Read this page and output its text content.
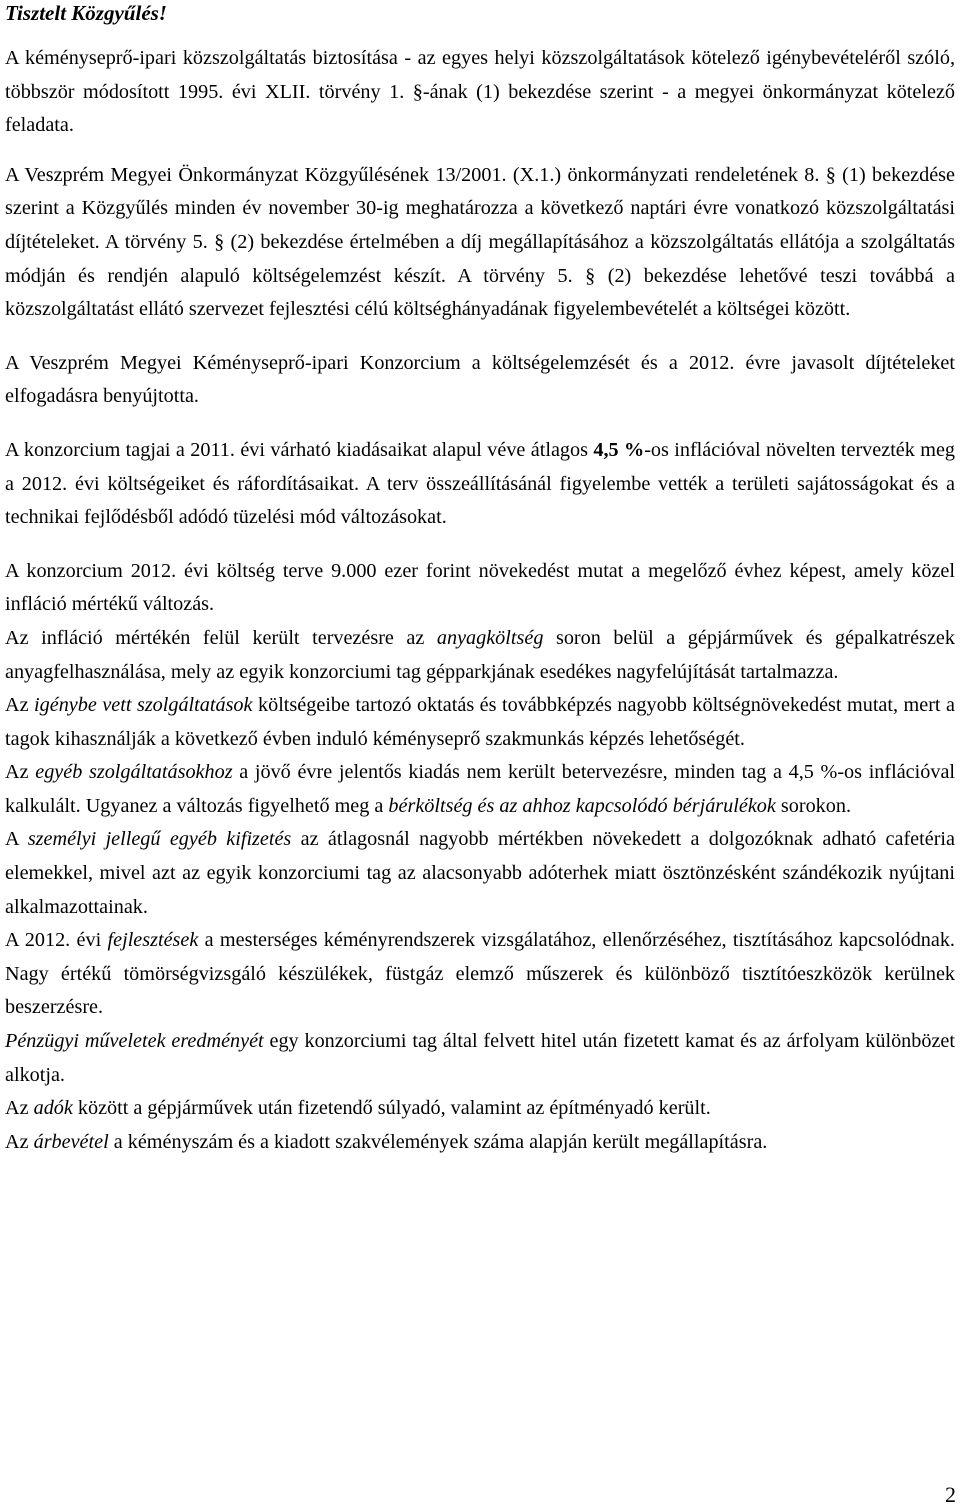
Tisztelt Közgyűlés!

A kéményseprő-ipari közszolgáltatás biztosítása - az egyes helyi közszolgáltatások kötelező igénybevételéről szóló, többször módosított 1995. évi XLII. törvény 1. §-ának (1) bekezdése szerint - a megyei önkormányzat kötelező feladata.

A Veszprém Megyei Önkormányzat Közgyűlésének 13/2001. (X.1.) önkormányzati rendeletének 8. § (1) bekezdése szerint a Közgyűlés minden év november 30-ig meghatározza a következő naptári évre vonatkozó közszolgáltatási díjtételeket. A törvény 5. § (2) bekezdése értelmében a díj megállapításához a közszolgáltatás ellátója a szolgáltatás módján és rendjén alapuló költségelemzést készít. A törvény 5. § (2) bekezdése lehetővé teszi továbbá a közszolgáltatást ellátó szervezet fejlesztési célú költséghányadának figyelembevételét a költségei között.

A Veszprém Megyei Kéményseprő-ipari Konzorcium a költségelemzését és a 2012. évre javasolt díjtételeket elfogadásra benyújtotta.

A konzorcium tagjai a 2011. évi várható kiadásaikat alapul véve átlagos 4,5 %-os inflációval növelten tervezték meg a 2012. évi költségeiket és ráfordításaikat. A terv összeállításánál figyelembe vették a területi sajátosságokat és a technikai fejlődésből adódó tüzelési mód változásokat.

A konzorcium 2012. évi költség terve 9.000 ezer forint növekedést mutat a megelőző évhez képest, amely közel infláció mértékű változás.

Az infláció mértékén felül került tervezésre az anyagköltség soron belül a gépjárművek és gépalkatrészek anyagfelhasználása, mely az egyik konzorciumi tag gépparkjának esedékes nagyfelújítását tartalmazza.

Az igénybe vett szolgáltatások költségeibe tartozó oktatás és továbbképzés nagyobb költségnövekedést mutat, mert a tagok kihasználják a következő évben induló kéményseprő szakmunkás képzés lehetőségét.

Az egyéb szolgáltatásokhoz a jövő évre jelentős kiadás nem került betervezésre, minden tag a 4,5 %-os inflációval kalkulált. Ugyanez a változás figyelhető meg a bérköltség és az ahhoz kapcsolódó bérjárulékok sorokon.

A személyi jellegű egyéb kifizetés az átlagosnál nagyobb mértékben növekedett a dolgozóknak adható cafetéria elemekkel, mivel azt az egyik konzorciumi tag az alacsonyabb adóterhek miatt ösztönzésként szándékozik nyújtani alkalmazottainak.

A 2012. évi fejlesztések a mesterséges kéményrendszerek vizsgálatához, ellenőrzéséhez, tisztításához kapcsolódnak. Nagy értékű tömörségvizsgáló készülékek, füstgáz elemző műszerek és különböző tisztítóeszközök kerülnek beszerzésre.

Pénzügyi műveletek eredményét egy konzorciumi tag által felvett hitel után fizetett kamat és az árfolyam különbözet alkotja.

Az adók között a gépjárművek után fizetendő súlyadó, valamint az építményadó került.

Az árbevétel a kéményszám és a kiadott szakvélemények száma alapján került megállapításra.

2
